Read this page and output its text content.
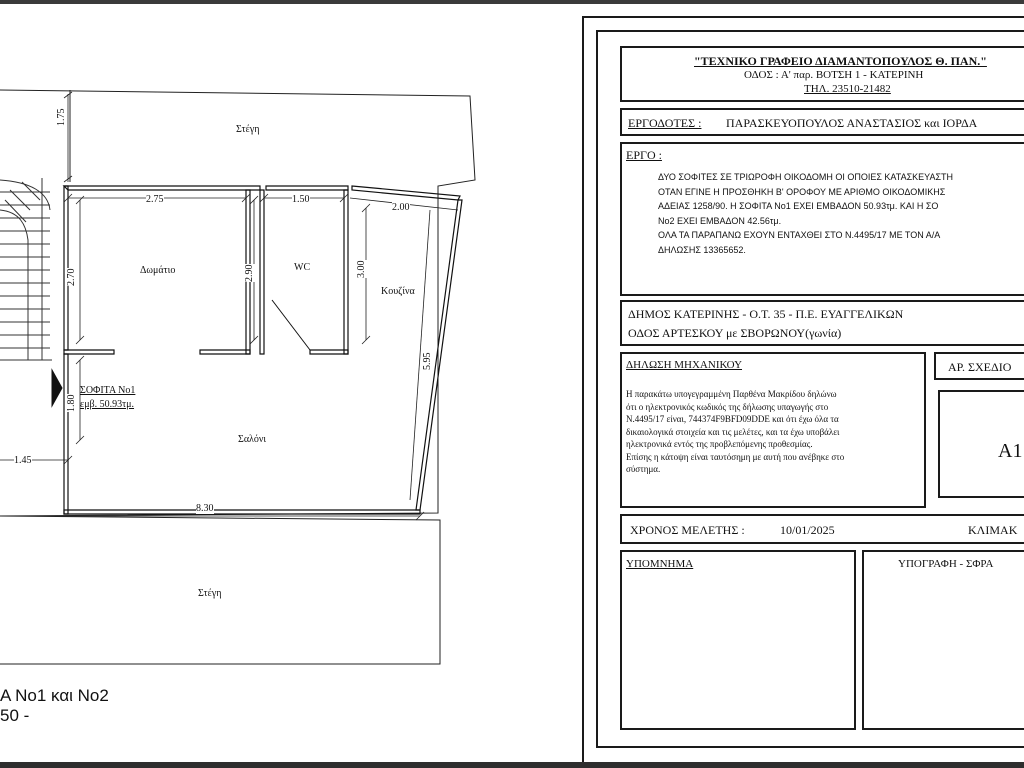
Στέγη
Δωμάτιο	WC
Κουζίνα
Σαλόνι
Στέγη
1.75
2.75	1.50
2.00
2.70	2.90	3.00
5.95
1.80
1.45
8.30
ΣΟΦΙΤΑ Νο1
εμβ. 50.93τμ.
A No1 και No2
50 -
"ΤΕΧΝΙΚΟ ΓΡΑΦΕΙΟ ΔΙΑΜΑΝΤΟΠΟΥΛΟΣ Θ. ΠΑΝ."
ΟΔΟΣ : Α' παρ. ΒΟΤΣΗ 1 - ΚΑΤΕΡΙΝΗ
ΤΗΛ. 23510-21482
ΕΡΓΟΔΟΤΕΣ : ΠΑΡΑΣΚΕΥΟΠΟΥΛΟΣ ΑΝΑΣΤΑΣΙΟΣ και ΙΟΡΔΑ
ΕΡΓΟ :
ΔΥΟ ΣΟΦΙΤΕΣ ΣΕ ΤΡΙΩΡΟΦΗ ΟΙΚΟΔΟΜΗ ΟΙ ΟΠΟΙΕΣ ΚΑΤΑΣΚΕΥΑΣΤΗ
ΟΤΑΝ ΕΓΙΝΕ Η ΠΡΟΣΘΗΚΗ Β' ΟΡΟΦΟΥ ΜΕ ΑΡΙΘΜΟ ΟΙΚΟΔΟΜΙΚΗΣ
ΑΔΕΙΑΣ 1258/90. Η ΣΟΦΙΤΑ Νο1 ΕΧΕΙ ΕΜΒΑΔΟΝ 50.93τμ. ΚΑΙ Η ΣΟ
Νο2 ΕΧΕΙ ΕΜΒΑΔΟΝ 42.56τμ.
ΟΛΑ ΤΑ ΠΑΡΑΠΑΝΩ ΕΧΟΥΝ ΕΝΤΑΧΘΕΙ ΣΤΟ Ν.4495/17 ΜΕ ΤΟΝ Α/Α
ΔΗΛΩΣΗΣ 13365652.
ΔΗΜΟΣ ΚΑΤΕΡΙΝΗΣ - Ο.Τ. 35 - Π.Ε. ΕΥΑΓΓΕΛΙΚΩΝ
ΟΔΟΣ ΑΡΤΕΣΚΟΥ με ΣΒΟΡΩΝΟΥ(γωνία)
ΔΗΛΩΣΗ ΜΗΧΑΝΙΚΟΥ
Η παρακάτω υπογεγραμμένη Παρθένα Μακρίδου δηλώνω
ότι ο ηλεκτρονικός κωδικός της δήλωσης υπαγωγής στο
Ν.4495/17 είναι, 744374F9BFD09DDE και ότι έχω όλα τα
δικαιολογικά στοιχεία και τις μελέτες, και τα έχω υποβάλει
ηλεκτρονικά εντός της προβλεπόμενης προθεσμίας.
Επίσης η κάτοψη είναι ταυτόσημη με αυτή που ανέβηκε στο
σύστημα.
ΑΡ. ΣΧΕΔΙΟ
A1
ΧΡΟΝΟΣ ΜΕΛΕΤΗΣ :	10/01/2025	ΚΛΙΜΑΚ
ΥΠΟΜΝΗΜΑ	ΥΠΟΓΡΑΦΗ - ΣΦΡΑ
